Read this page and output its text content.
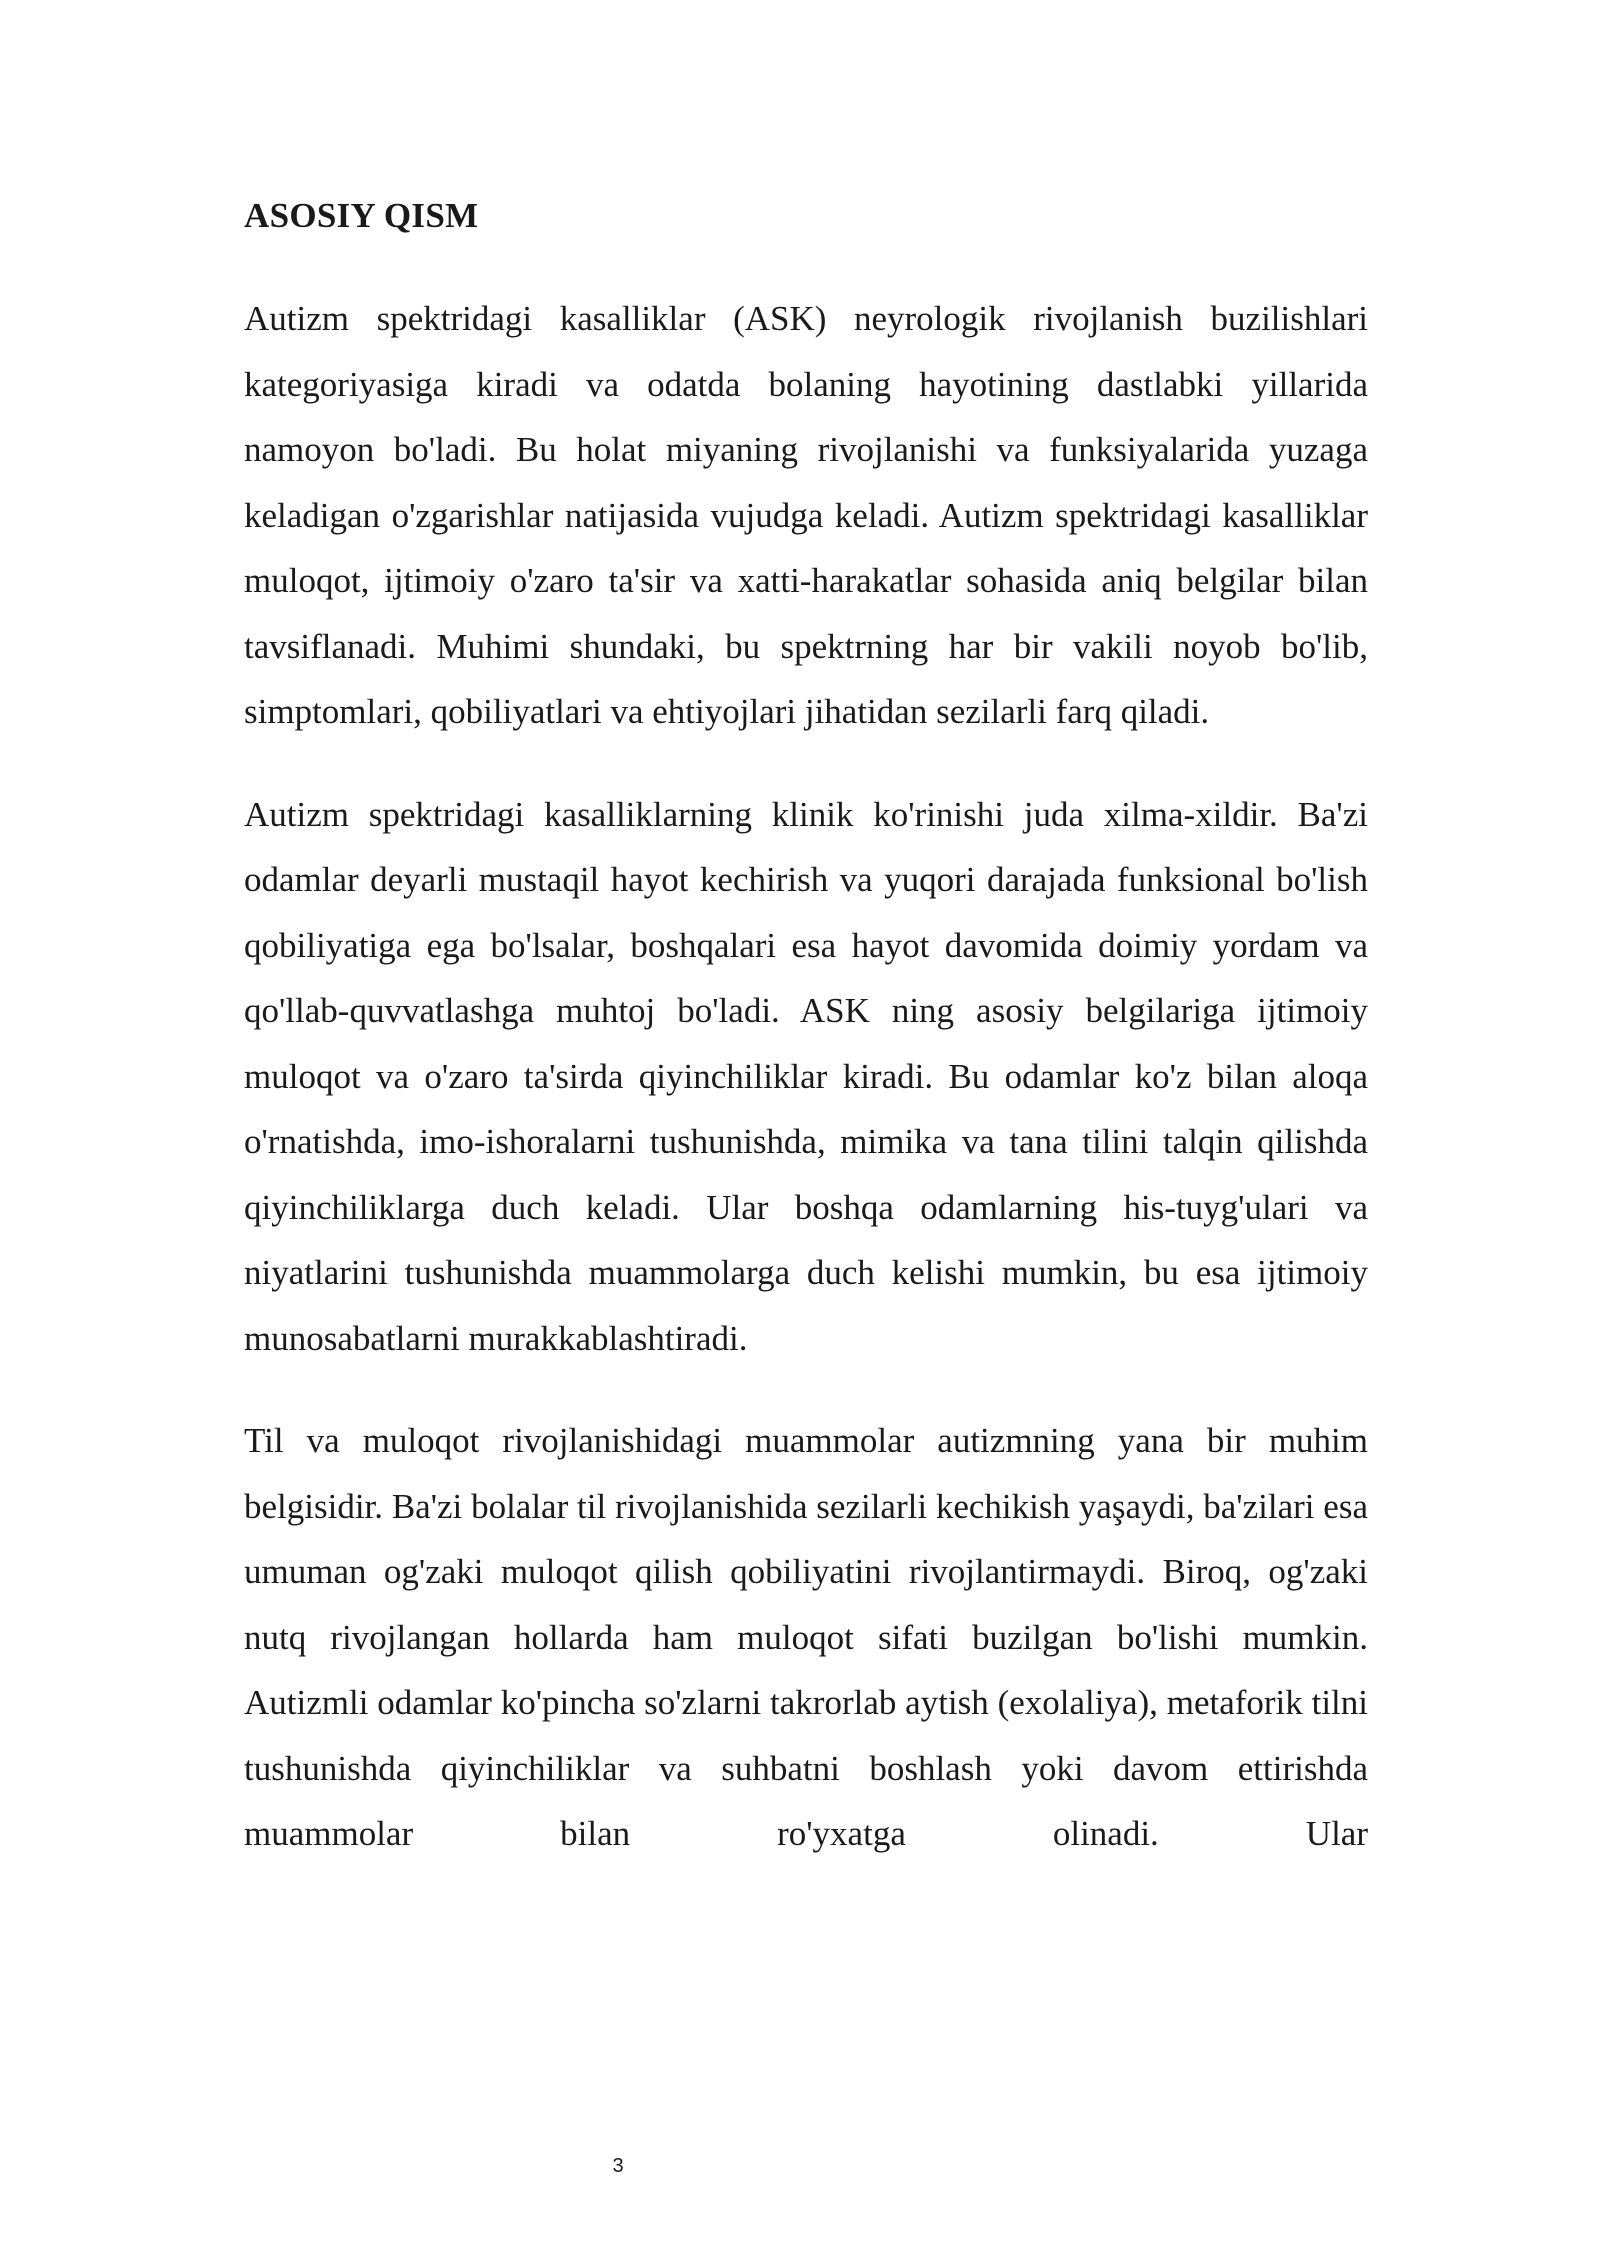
ASOSIY QISM

Autizm spektridagi kasalliklar (ASK) neyrologik rivojlanish buzilishlari kategoriyasiga kiradi va odatda bolaning hayotining dastlabki yillarida namoyon bo'ladi. Bu holat miyaning rivojlanishi va funksiyalarida yuzaga keladigan o'zgarishlar natijasida vujudga keladi. Autizm spektridagi kasalliklar muloqot, ijtimoiy o'zaro ta'sir va xatti-harakatlar sohasida aniq belgilar bilan tavsiflanadi. Muhimi shundaki, bu spektrning har bir vakili noyob bo'lib, simptomlari, qobiliyatlari va ehtiyojlari jihatidan sezilarli farq qiladi.

Autizm spektridagi kasalliklarning klinik ko'rinishi juda xilma-xildir. Ba'zi odamlar deyarli mustaqil hayot kechirish va yuqori darajada funksional bo'lish qobiliyatiga ega bo'lsalar, boshqalari esa hayot davomida doimiy yordam va qo'llab-quvvatlashga muhtoj bo'ladi. ASK ning asosiy belgilariga ijtimoiy muloqot va o'zaro ta'sirda qiyinchiliklar kiradi. Bu odamlar ko'z bilan aloqa o'rnatishda, imo-ishoralarni tushunishda, mimika va tana tilini talqin qilishda qiyinchiliklarga duch keladi. Ular boshqa odamlarning his-tuyg'ulari va niyatlarini tushunishda muammolarga duch kelishi mumkin, bu esa ijtimoiy munosabatlarni murakkablashtiradi.

Til va muloqot rivojlanishidagi muammolar autizmning yana bir muhim belgisidir. Ba'zi bolalar til rivojlanishida sezilarli kechikish yaşaydi, ba'zilari esa umuman og'zaki muloqot qilish qobiliyatini rivojlantirmaydi. Biroq, og'zaki nutq rivojlangan hollarda ham muloqot sifati buzilgan bo'lishi mumkin. Autizmli odamlar ko'pincha so'zlarni takrorlab aytish (exolaliya), metaforik tilni tushunishda qiyinchiliklar va suhbatni boshlash yoki davom ettirishda muammolar bilan ro'yxatga olinadi. Ular

3
